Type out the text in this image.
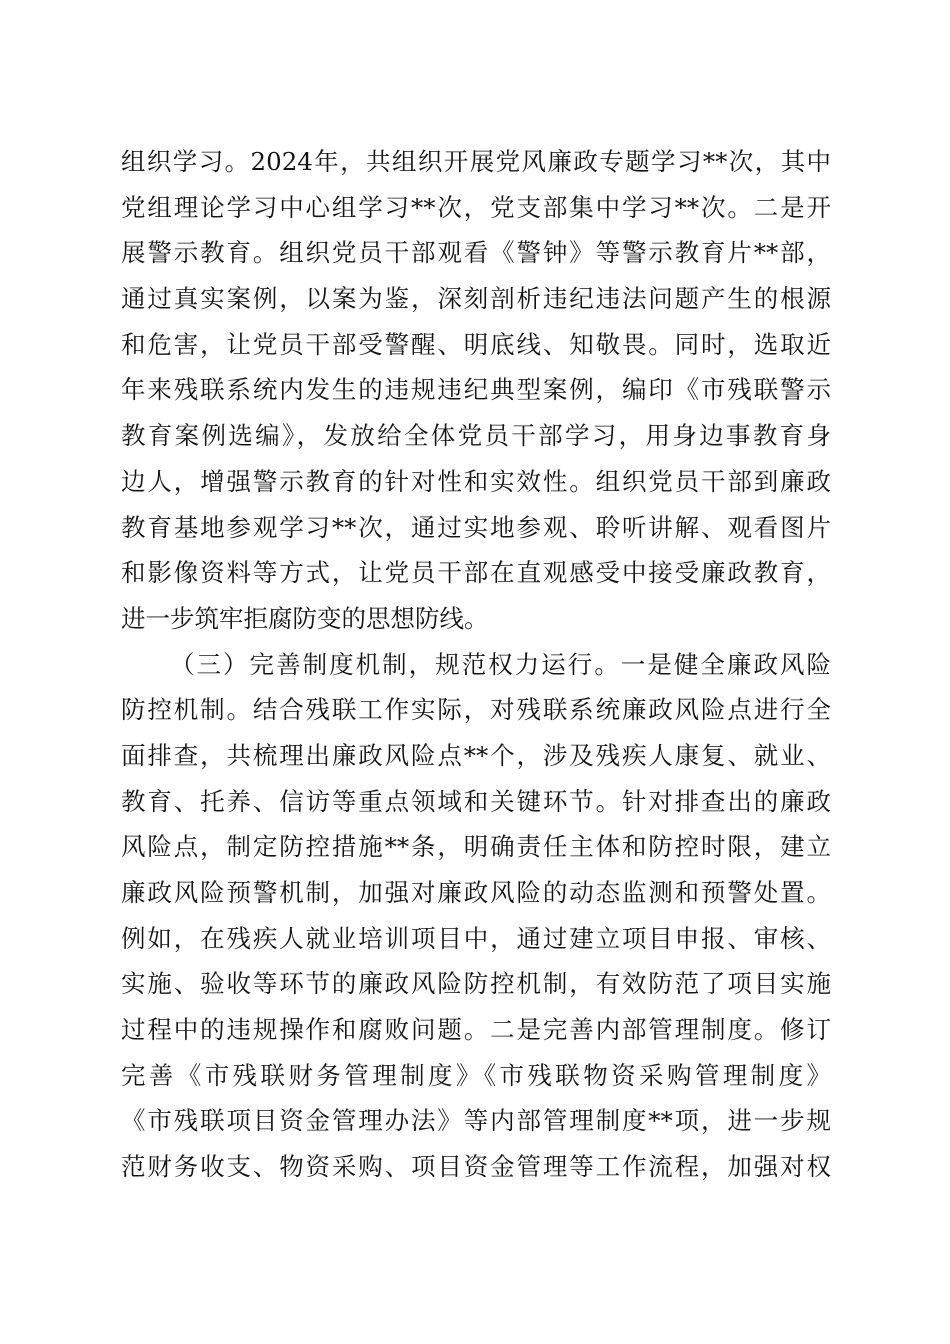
组织学习。2024年，共组织开展党风廉政专题学习**次，其中
党组理论学习中心组学习**次，党支部集中学习**次。二是开
展警示教育。组织党员干部观看《警钟》等警示教育片**部，
通过真实案例，以案为鉴，深刻剖析违纪违法问题产生的根源
和危害，让党员干部受警醒、明底线、知敬畏。同时，选取近
年来残联系统内发生的违规违纪典型案例，编印《市残联警示
教育案例选编》，发放给全体党员干部学习，用身边事教育身
边人，增强警示教育的针对性和实效性。组织党员干部到廉政
教育基地参观学习**次，通过实地参观、聆听讲解、观看图片
和影像资料等方式，让党员干部在直观感受中接受廉政教育，
进一步筑牢拒腐防变的思想防线。
（三）完善制度机制，规范权力运行。一是健全廉政风险
防控机制。结合残联工作实际，对残联系统廉政风险点进行全
面排查，共梳理出廉政风险点**个，涉及残疾人康复、就业、
教育、托养、信访等重点领域和关键环节。针对排查出的廉政
风险点，制定防控措施**条，明确责任主体和防控时限，建立
廉政风险预警机制，加强对廉政风险的动态监测和预警处置。
例如，在残疾人就业培训项目中，通过建立项目申报、审核、
实施、验收等环节的廉政风险防控机制，有效防范了项目实施
过程中的违规操作和腐败问题。二是完善内部管理制度。修订
完善《市残联财务管理制度》《市残联物资采购管理制度》
《市残联项目资金管理办法》等内部管理制度**项，进一步规
范财务收支、物资采购、项目资金管理等工作流程，加强对权
